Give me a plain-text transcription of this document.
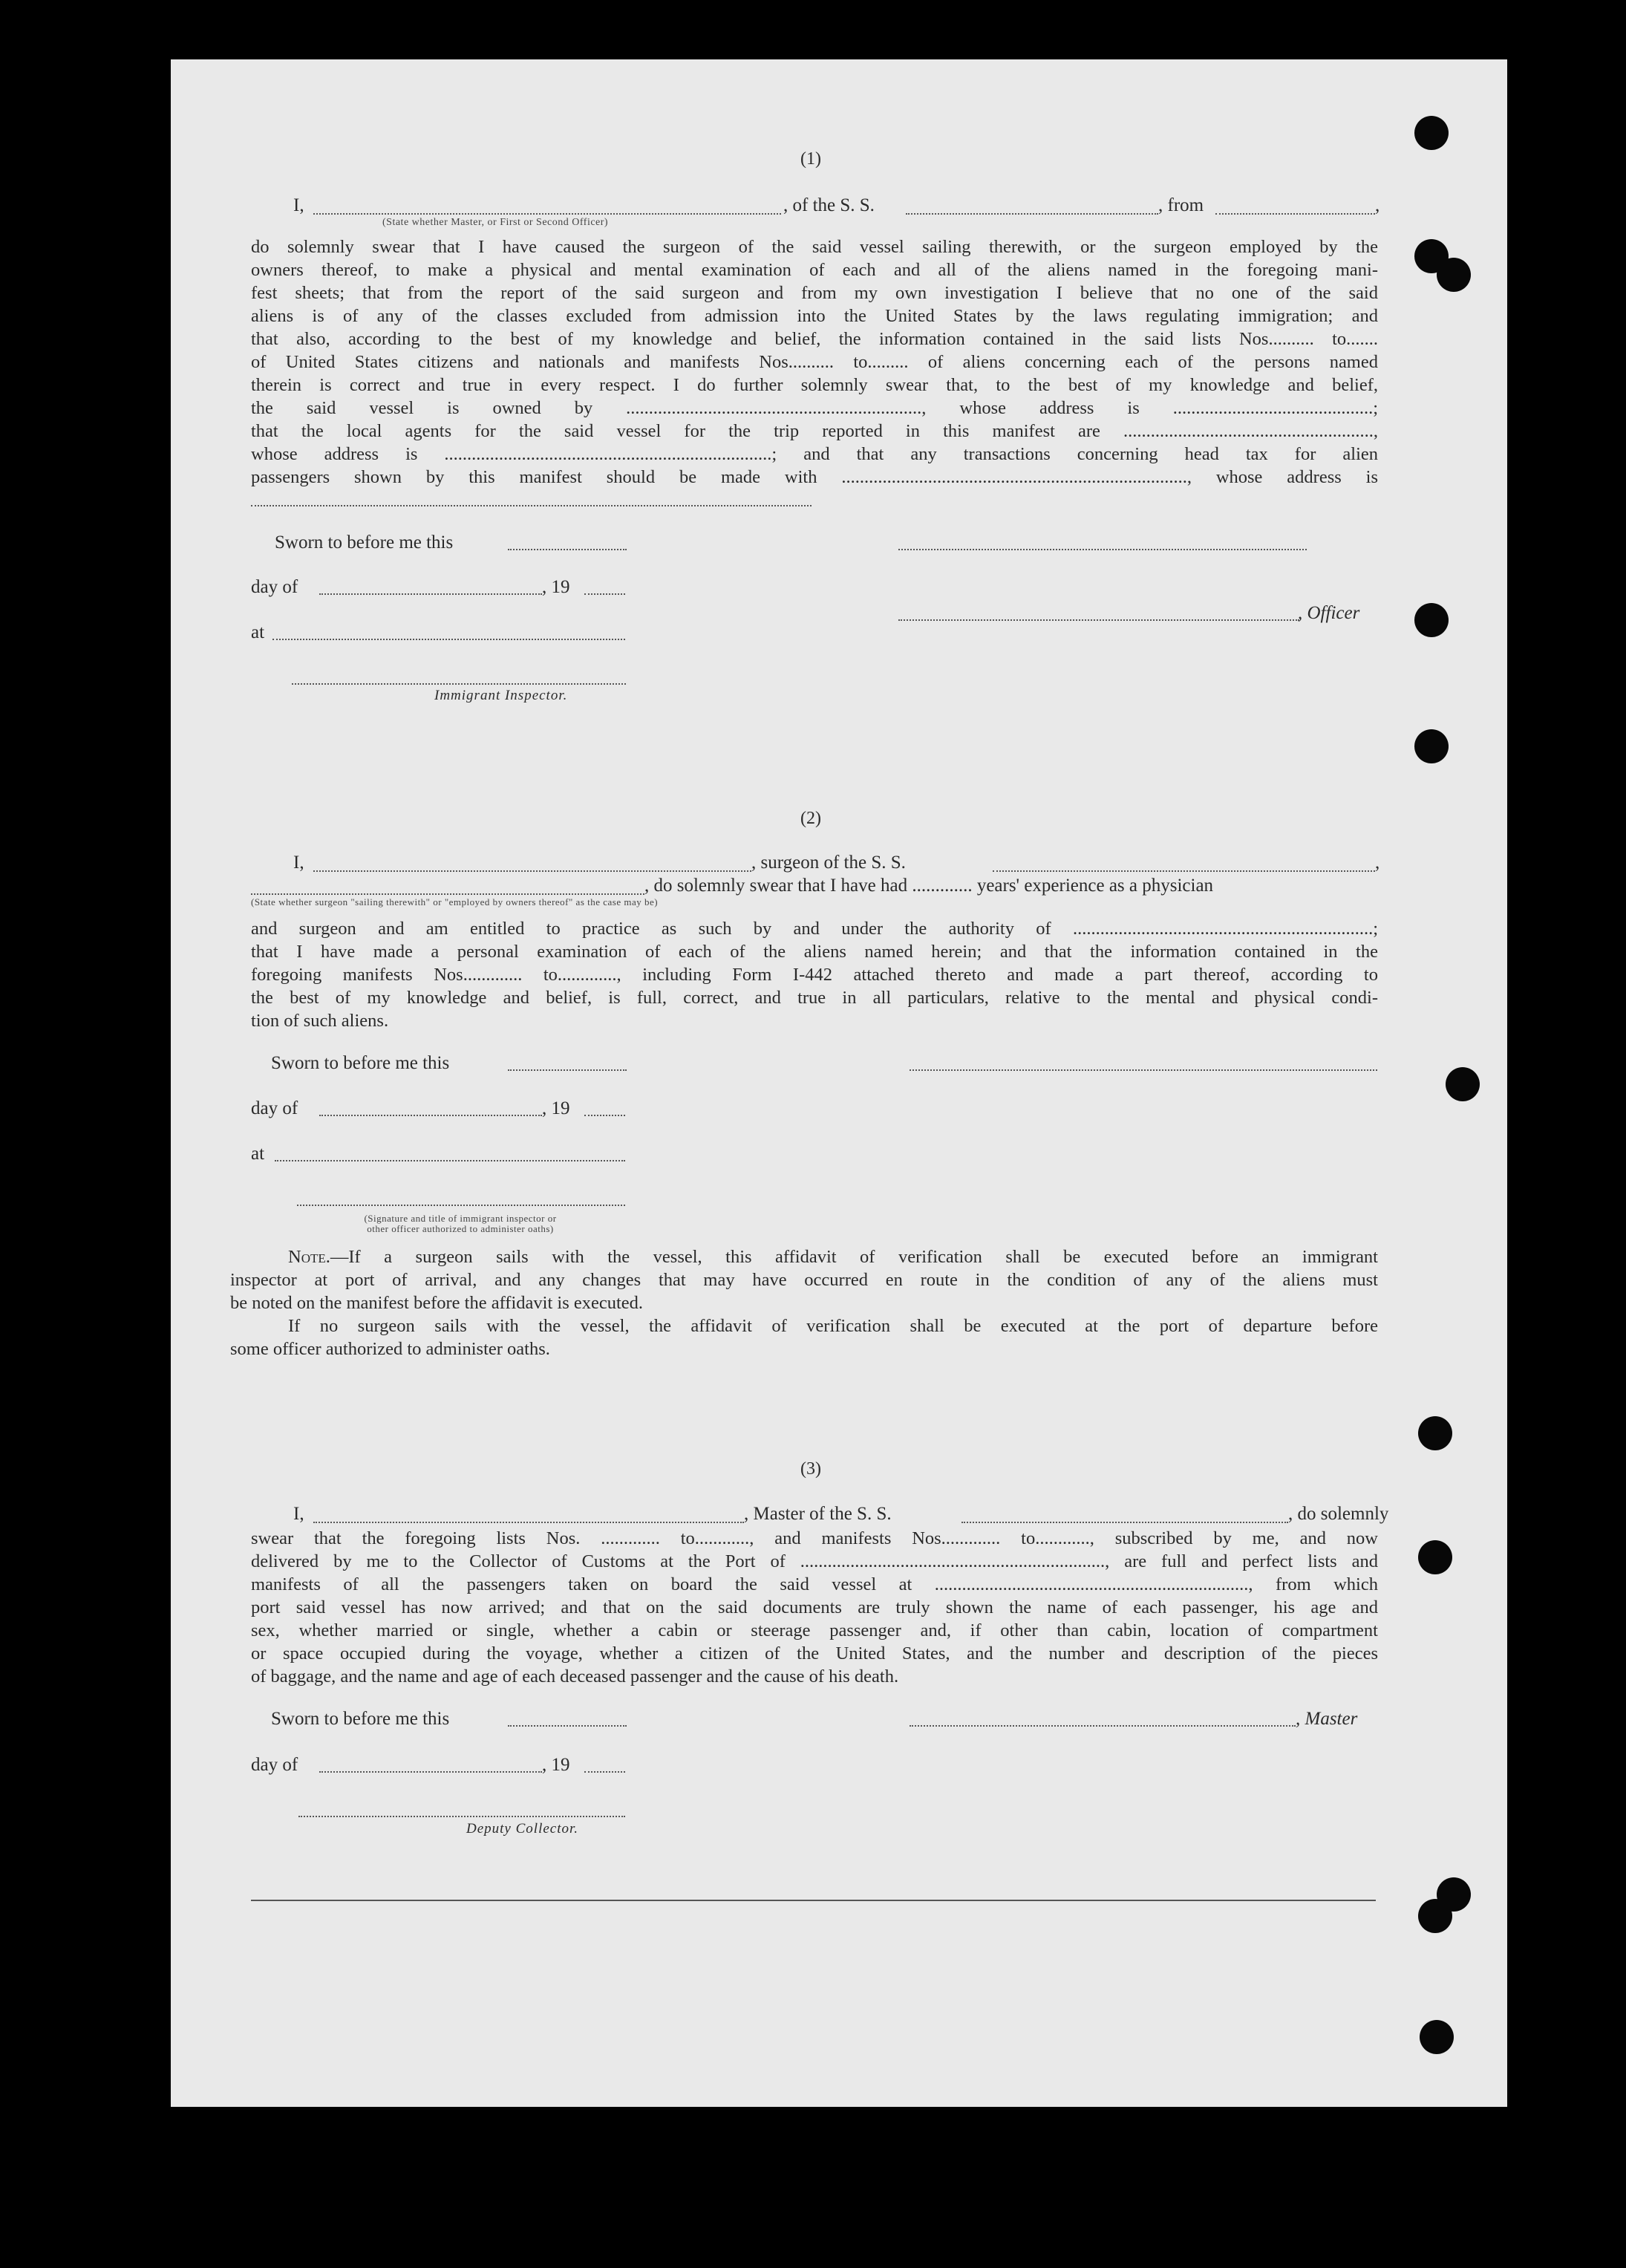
(1)
I,	, of the S. S.	, from	,
(State whether Master, or First or Second Officer)
do solemnly swear that I have caused the surgeon of the said vessel sailing therewith, or the surgeon employed by the
owners thereof, to make a physical and mental examination of each and all of the aliens named in the foregoing mani-
fest sheets; that from the report of the said surgeon and from my own investigation I believe that no one of the said
aliens is of any of the classes excluded from admission into the United States by the laws regulating immigration; and
that also, according to the best of my knowledge and belief, the information contained in the said lists Nos.......... to.......
of United States citizens and nationals and manifests Nos.......... to......... of aliens concerning each of the persons named
therein is correct and true in every respect. I do further solemnly swear that, to the best of my knowledge and belief,
the said vessel is owned by ................................................................., whose address is ............................................;
that the local agents for the said vessel for the trip reported in this manifest are .......................................................,
whose address is ........................................................................; and that any transactions concerning head tax for alien
passengers shown by this manifest should be made with ............................................................................, whose address is
Sworn to before me this
day of	, 19
, Officer
at
Immigrant Inspector.
(2)
I,	, surgeon of the S. S.	,
, do solemnly swear that I have had ............. years' experience as a physician
(State whether surgeon "sailing therewith" or "employed by owners thereof" as the case may be)
and surgeon and am entitled to practice as such by and under the authority of ..................................................................;
that I have made a personal examination of each of the aliens named herein; and that the information contained in the
foregoing manifests Nos............. to............., including Form I-442 attached thereto and made a part thereof, according to
the best of my knowledge and belief, is full, correct, and true in all particulars, relative to the mental and physical condi-
tion of such aliens.
Sworn to before me this
day of	, 19
at
(Signature and title of immigrant inspector or
other officer authorized to administer oaths)
Note.—If a surgeon sails with the vessel, this affidavit of verification shall be executed before an immigrant
inspector at port of arrival, and any changes that may have occurred en route in the condition of any of the aliens must
be noted on the manifest before the affidavit is executed.
If no surgeon sails with the vessel, the affidavit of verification shall be executed at the port of departure before
some officer authorized to administer oaths.
(3)
I,	, Master of the S. S.	, do solemnly
swear that the foregoing lists Nos. ............. to............, and manifests Nos............. to............, subscribed by me, and now
delivered by me to the Collector of Customs at the Port of ..................................................................., are full and perfect lists and
manifests of all the passengers taken on board the said vessel at ....................................................................., from which
port said vessel has now arrived; and that on the said documents are truly shown the name of each passenger, his age and
sex, whether married or single, whether a cabin or steerage passenger and, if other than cabin, location of compartment
or space occupied during the voyage, whether a citizen of the United States, and the number and description of the pieces
of baggage, and the name and age of each deceased passenger and the cause of his death.
Sworn to before me this	, Master
day of	, 19
Deputy Collector.
